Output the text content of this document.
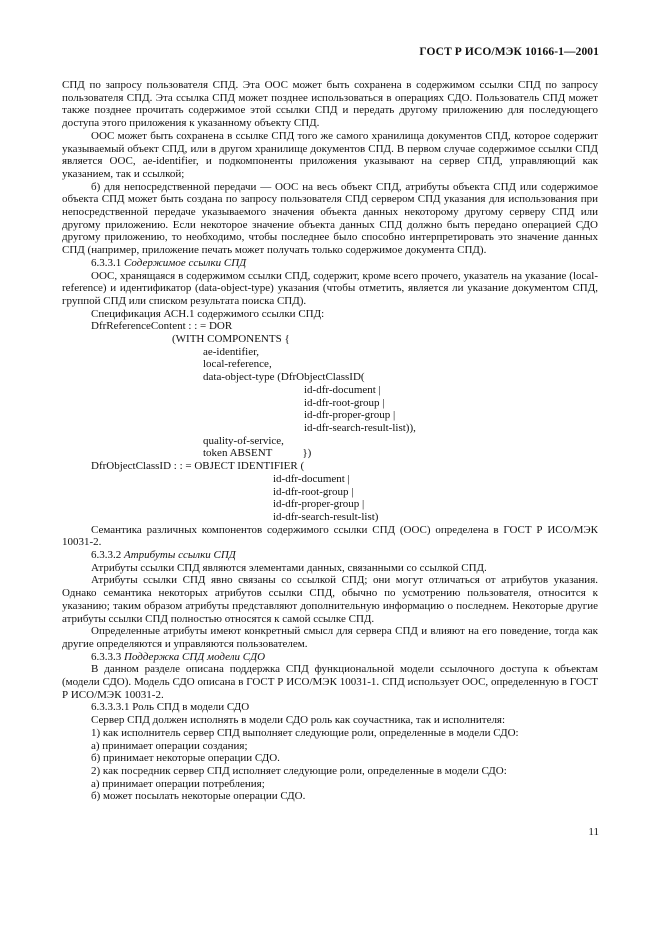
ГОСТ Р ИСО/МЭК 10166-1—2001

СПД по запросу пользователя СПД. Эта ООС может быть сохранена в содержимом ссылки СПД по запросу пользователя СПД. Эта ссылка СПД может позднее использоваться в операциях СДО. Пользователь СПД может также позднее прочитать содержимое этой ссылки СПД и передать другому приложению для последующего доступа этого приложения к указанному объекту СПД.

ООС может быть сохранена в ссылке СПД того же самого хранилища документов СПД, которое содержит указываемый объект СПД, или в другом хранилище документов СПД. В первом случае содержимое ссылки СПД является ООС, ae-identifier, и подкомпоненты приложения указывают на сервер СПД, управляющий как указанием, так и ссылкой;

б) для непосредственной передачи — ООС на весь объект СПД, атрибуты объекта СПД или содержимое объекта СПД может быть создана по запросу пользователя СПД сервером СПД указания для использования при непосредственной передаче указываемого значения объекта данных некоторому другому серверу СПД или другому приложению. Если некоторое значение объекта данных СПД должно быть передано операцией СДО другому приложению, то необходимо, чтобы последнее было способно интерпретировать это значение данных СПД (например, приложение печать может получать только содержимое документа СПД).

6.3.3.1 Содержимое ссылки СПД

ООС, хранящаяся в содержимом ссылки СПД, содержит, кроме всего прочего, указатель на указание (local-reference) и идентификатор (data-object-type) указания (чтобы отметить, является ли указание документом СПД, группой СПД или списком результата поиска СПД).

Спецификация АСН.1 содержимого ссылки СПД:

DfrReferenceContent : : = DOR

(WITH COMPONENTS {

ae-identifier,

local-reference,

data-object-type (DfrObjectClassID(

id-dfr-document |

id-dfr-root-group |

id-dfr-proper-group |

id-dfr-search-result-list)),

quality-of-service,

token ABSENT	})

DfrObjectClassID : : = OBJECT IDENTIFIER (

id-dfr-document |

id-dfr-root-group |

id-dfr-proper-group |

id-dfr-search-result-list)

Семантика различных компонентов содержимого ссылки СПД (ООС) определена в ГОСТ Р ИСО/МЭК 10031-2.

6.3.3.2 Атрибуты ссылки СПД

Атрибуты ссылки СПД являются элементами данных, связанными со ссылкой СПД.

Атрибуты ссылки СПД явно связаны со ссылкой СПД; они могут отличаться от атрибутов указания. Однако семантика некоторых атрибутов ссылки СПД, обычно по усмотрению пользователя, относится к указанию; таким образом атрибуты представляют дополнительную информацию о последнем. Некоторые другие атрибуты ссылки СПД полностью относятся к самой ссылке СПД.

Определенные атрибуты имеют конкретный смысл для сервера СПД и влияют на его поведение, тогда как другие определяются и управляются пользователем.

6.3.3.3 Поддержка СПД модели СДО

В данном разделе описана поддержка СПД функциональной модели ссылочного доступа к объектам (модели СДО). Модель СДО описана в ГОСТ Р ИСО/МЭК 10031-1. СПД использует ООС, определенную в ГОСТ Р ИСО/МЭК 10031-2.

6.3.3.3.1 Роль СПД в модели СДО

Сервер СПД должен исполнять в модели СДО роль как соучастника, так и исполнителя:

1) как исполнитель сервер СПД выполняет следующие роли, определенные в модели СДО:

а) принимает операции создания;

б) принимает некоторые операции СДО.

2) как посредник сервер СПД исполняет следующие роли, определенные в модели СДО:

а) принимает операции потребления;

б) может посылать некоторые операции СДО.

11
